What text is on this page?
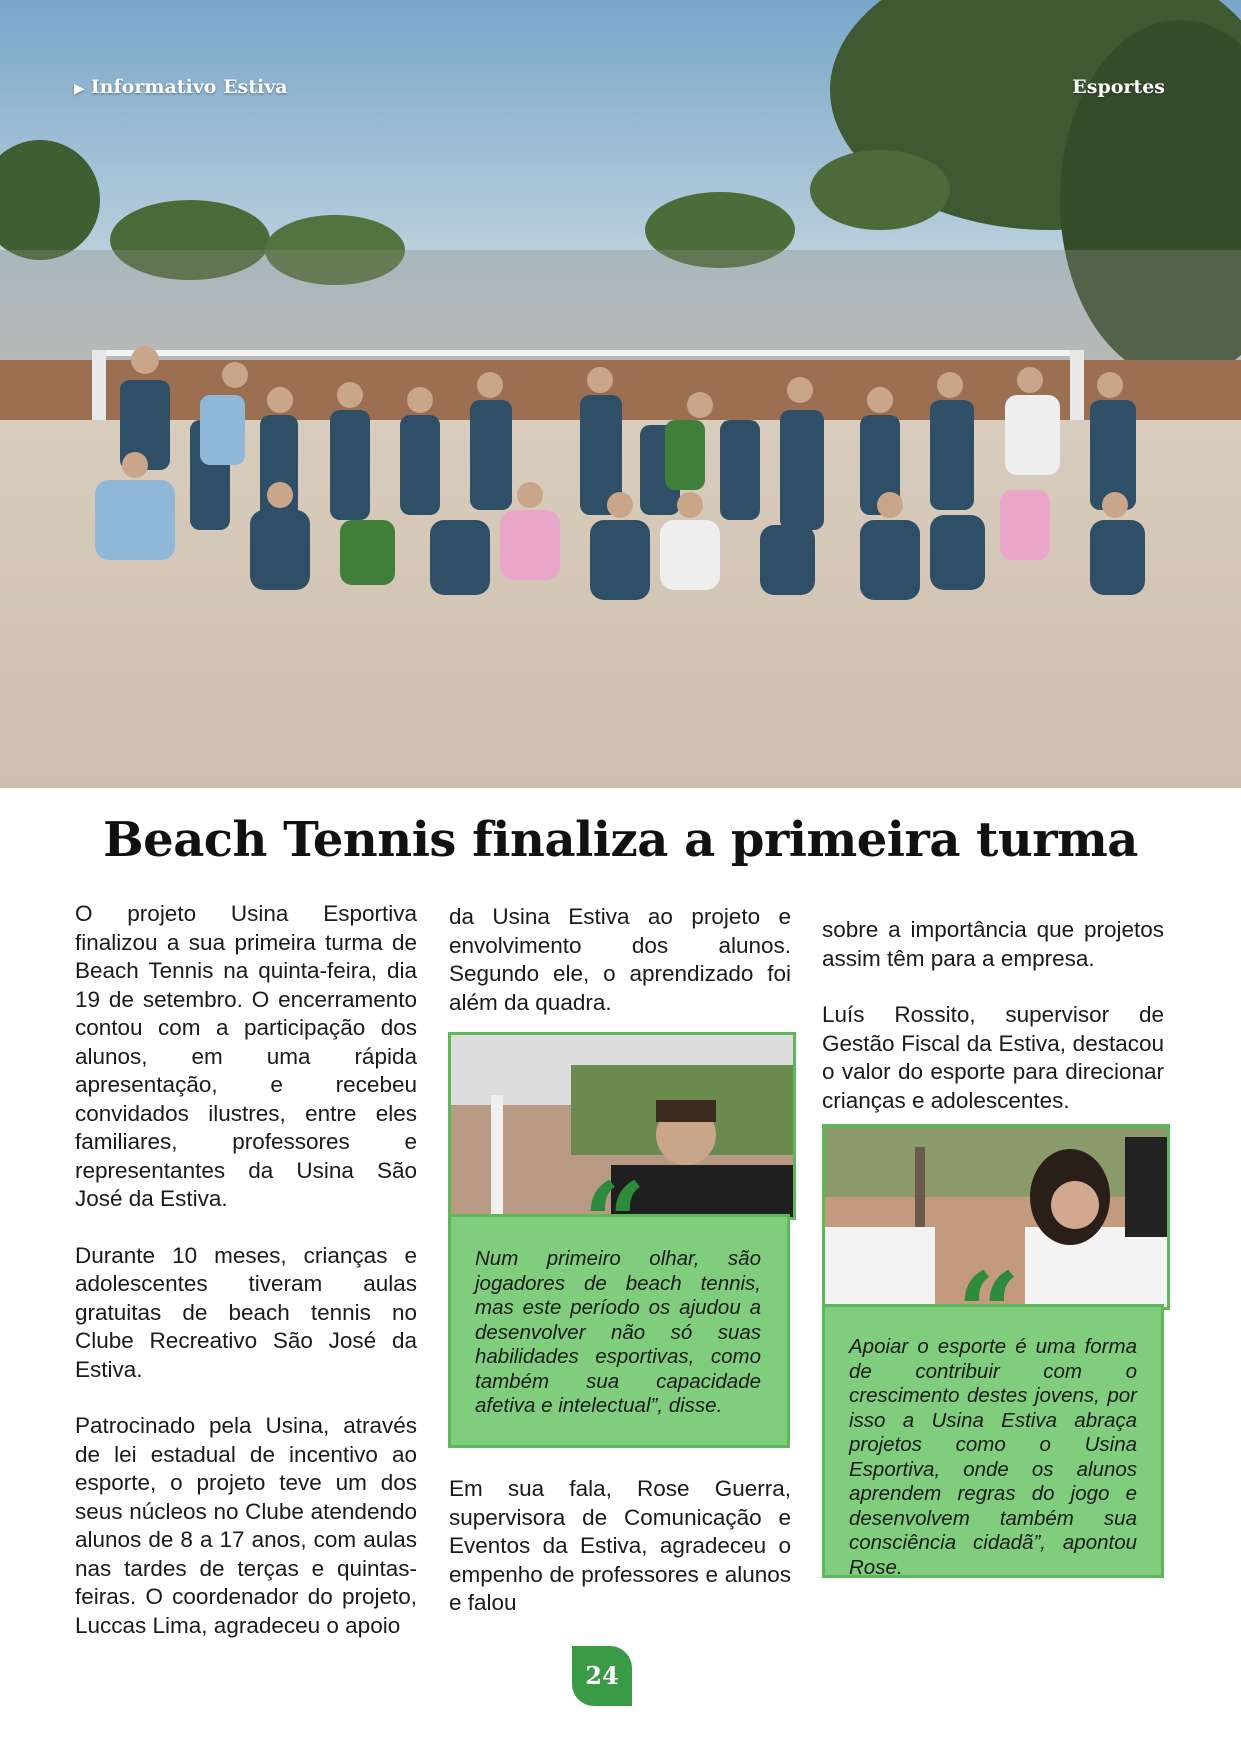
▶ Informativo Estiva	Esportes
Beach Tennis finaliza a primeira turma

O projeto Usina Esportiva finalizou a sua primeira turma de Beach Tennis na quinta-feira, dia 19 de setembro. O encerramento contou com a participação dos alunos, em uma rápida apresentação, e recebeu convidados ilustres, entre eles familiares, professores e representantes da Usina São José da Estiva.

Durante 10 meses, crianças e adolescentes tiveram aulas gratuitas de beach tennis no Clube Recreativo São José da Estiva.

Patrocinado pela Usina, através de lei estadual de incentivo ao esporte, o projeto teve um dos seus núcleos no Clube atendendo alunos de 8 a 17 anos, com aulas nas tardes de terças e quintas-feiras. O coordenador do projeto, Luccas Lima, agradeceu o apoio

da Usina Estiva ao projeto e envolvimento dos alunos. Segundo ele, o aprendizado foi além da quadra.

Num primeiro olhar, são jogadores de beach tennis, mas este período os ajudou a desenvolver não só suas habilidades esportivas, como também sua capacidade afetiva e intelectual”, disse.

Em sua fala, Rose Guerra, supervisora de Comunicação e Eventos da Estiva, agradeceu o empenho de professores e alunos e falou

sobre a importância que projetos assim têm para a empresa.

Luís Rossito, supervisor de Gestão Fiscal da Estiva, destacou o valor do esporte para direcionar crianças e adolescentes.

Apoiar o esporte é uma forma de contribuir com o crescimento destes jovens, por isso a Usina Estiva abraça projetos como o Usina Esportiva, onde os alunos aprendem regras do jogo e desenvolvem também sua consciência cidadã”, apontou Rose.
24
